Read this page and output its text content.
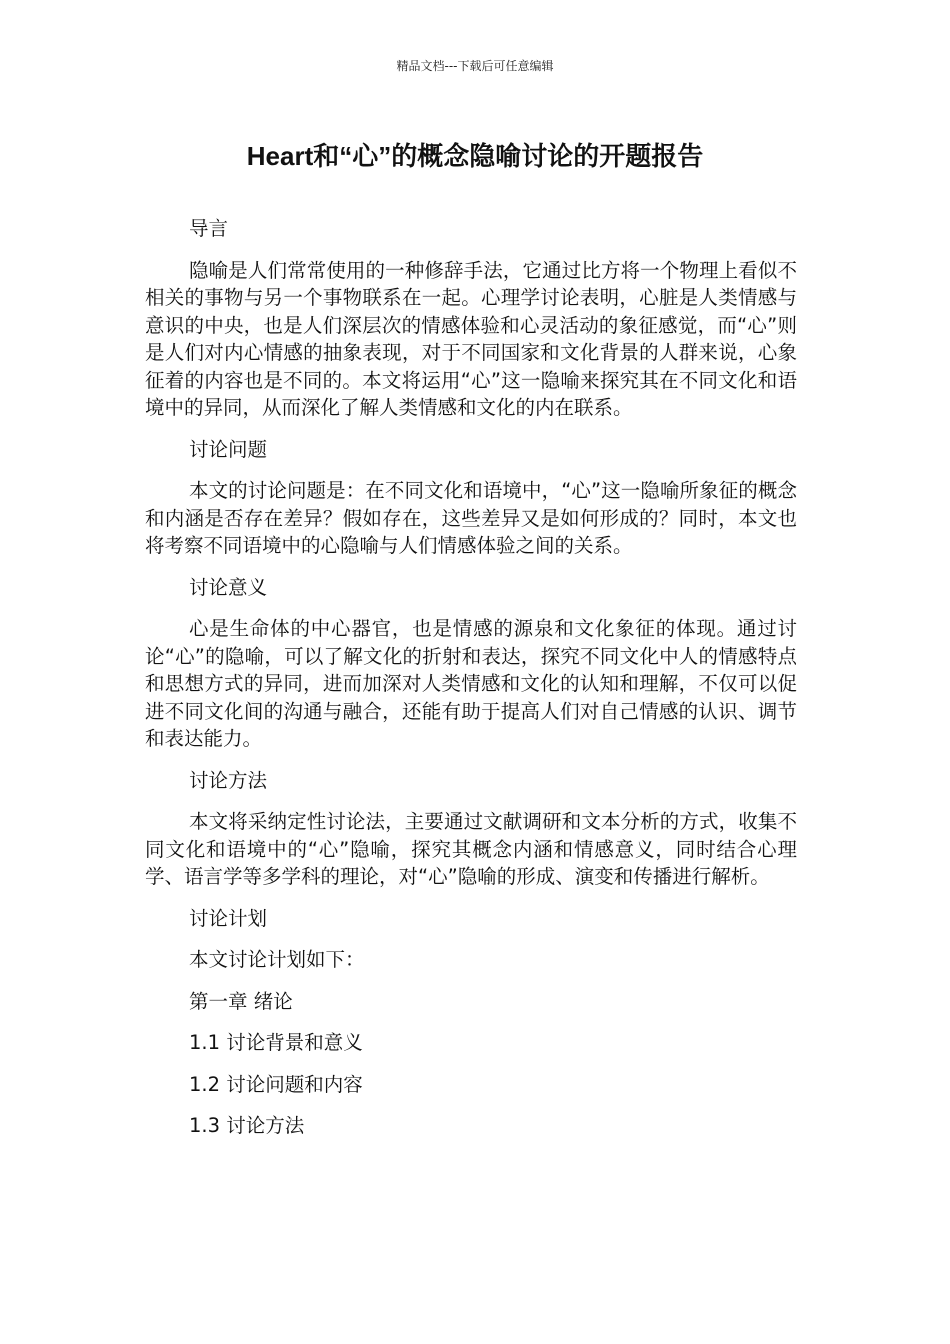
精品文档---下载后可任意编辑
Heart和“心”的概念隐喻讨论的开题报告

导言

隐喻是人们常常使用的一种修辞手法，它通过比方将一个物理上看似不相关的事物与另一个事物联系在一起。心理学讨论表明，心脏是人类情感与意识的中央，也是人们深层次的情感体验和心灵活动的象征感觉，而“心”则是人们对内心情感的抽象表现，对于不同国家和文化背景的人群来说，心象征着的内容也是不同的。本文将运用“心”这一隐喻来探究其在不同文化和语境中的异同，从而深化了解人类情感和文化的内在联系。

讨论问题

本文的讨论问题是：在不同文化和语境中，“心”这一隐喻所象征的概念和内涵是否存在差异？假如存在，这些差异又是如何形成的？同时，本文也将考察不同语境中的心隐喻与人们情感体验之间的关系。

讨论意义

心是生命体的中心器官，也是情感的源泉和文化象征的体现。通过讨论“心”的隐喻，可以了解文化的折射和表达，探究不同文化中人的情感特点和思想方式的异同，进而加深对人类情感和文化的认知和理解，不仅可以促进不同文化间的沟通与融合，还能有助于提高人们对自己情感的认识、调节和表达能力。

讨论方法

本文将采纳定性讨论法，主要通过文献调研和文本分析的方式，收集不同文化和语境中的“心”隐喻，探究其概念内涵和情感意义，同时结合心理学、语言学等多学科的理论，对“心”隐喻的形成、演变和传播进行解析。

讨论计划

本文讨论计划如下：

第一章 绪论

1.1 讨论背景和意义

1.2 讨论问题和内容

1.3 讨论方法
